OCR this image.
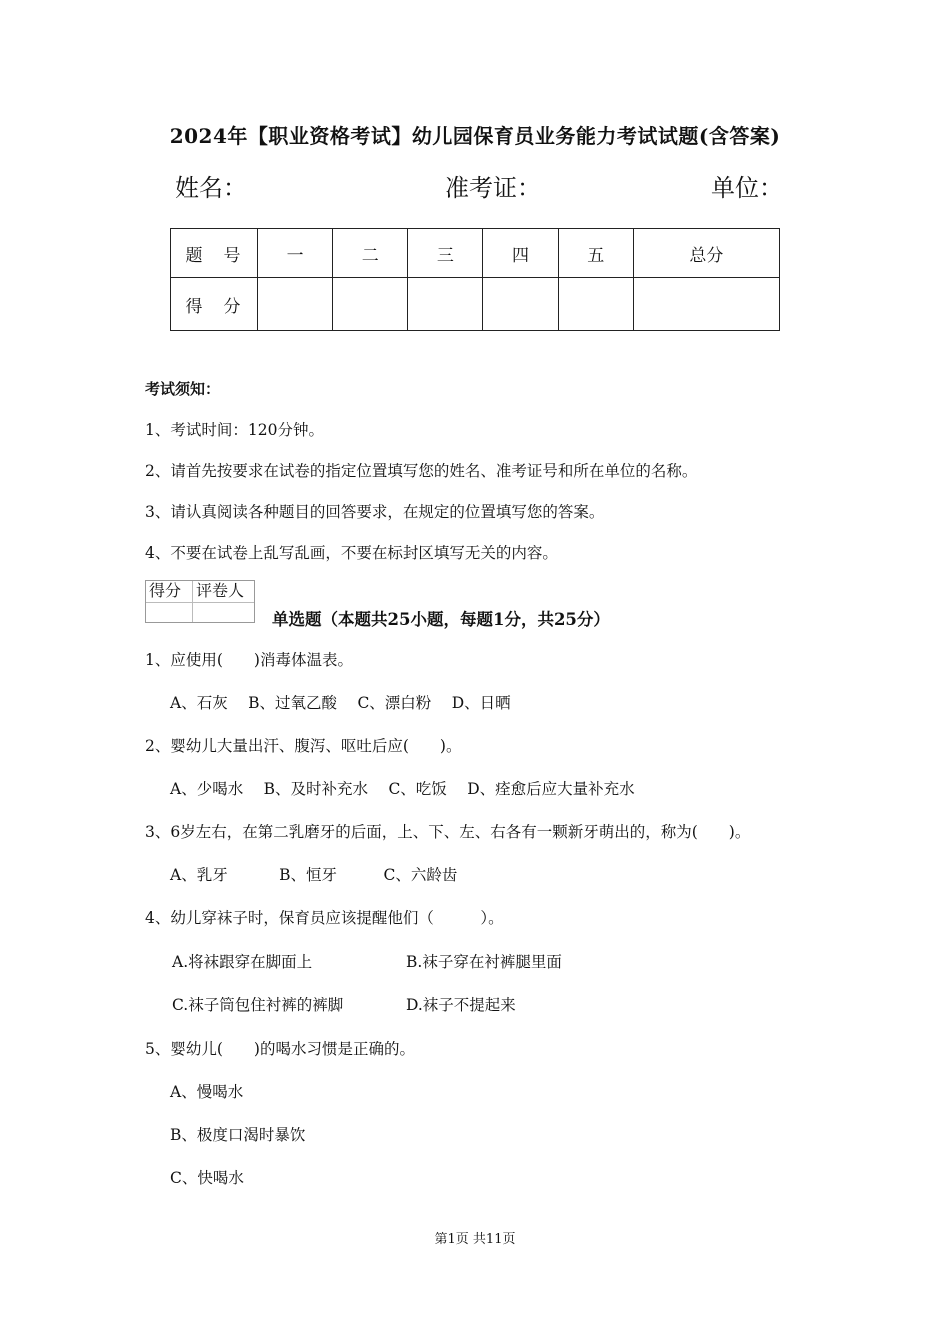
2024年【职业资格考试】幼儿园保育员业务能力考试试题(含答案)
姓名：	准考证：	单位：
题　号	一	二	三	四	五	总分
得　分						
考试须知：
1、考试时间：120分钟。
2、请首先按要求在试卷的指定位置填写您的姓名、准考证号和所在单位的名称。
3、请认真阅读各种题目的回答要求，在规定的位置填写您的答案。
4、不要在试卷上乱写乱画，不要在标封区填写无关的内容。
得分 评卷人
单选题（本题共25小题，每题1分，共25分）
1、应使用(　　)消毒体温表。
A、石灰　 B、过氧乙酸　 C、漂白粉　 D、日晒
2、婴幼儿大量出汗、腹泻、呕吐后应(　　)。
A、少喝水　 B、及时补充水　 C、吃饭　 D、痊愈后应大量补充水
3、6岁左右，在第二乳磨牙的后面，上、下、左、右各有一颗新牙萌出的，称为(　　)。
A、乳牙　　　 B、恒牙　　　C、六龄齿
4、幼儿穿袜子时，保育员应该提醒他们（　　　）。
A.将袜跟穿在脚面上	B.袜子穿在衬裤腿里面
C.袜子筒包住衬裤的裤脚	D.袜子不提起来
5、婴幼儿(　　)的喝水习惯是正确的。
A、慢喝水
B、极度口渴时暴饮
C、快喝水
第1页 共11页
